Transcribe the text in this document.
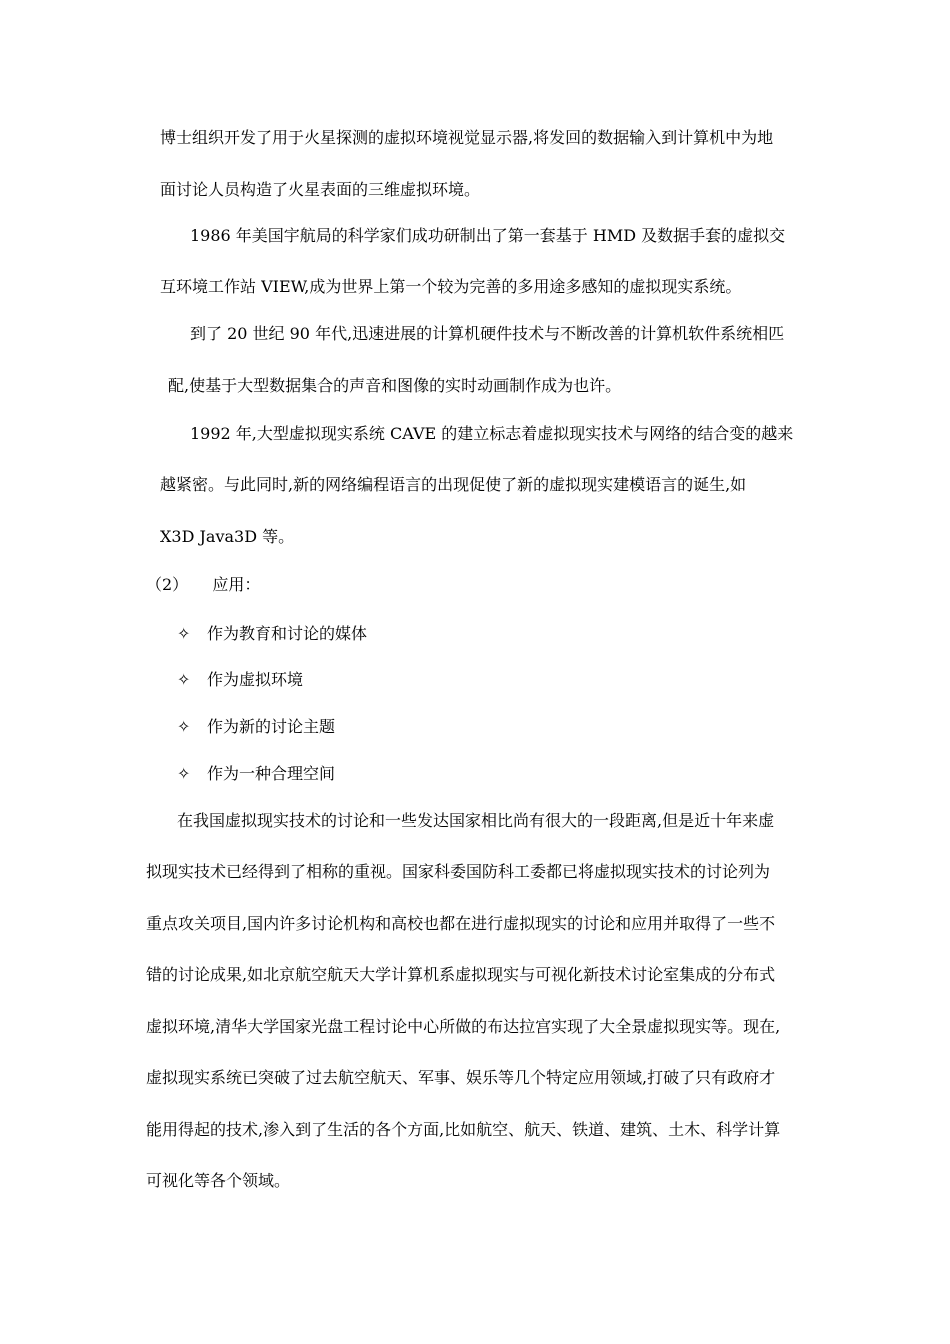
博士组织开发了用于火星探测的虚拟环境视觉显示器,将发回的数据输入到计算机中为地
面讨论人员构造了火星表面的三维虚拟环境。
1986 年美国宇航局的科学家们成功研制出了第一套基于 HMD 及数据手套的虚拟交
互环境工作站 VIEW,成为世界上第一个较为完善的多用途多感知的虚拟现实系统。
到了 20 世纪 90 年代,迅速进展的计算机硬件技术与不断改善的计算机软件系统相匹
配,使基于大型数据集合的声音和图像的实时动画制作成为也许。
1992 年,大型虚拟现实系统 CAVE 的建立标志着虚拟现实技术与网络的结合变的越来
越紧密。与此同时,新的网络编程语言的出现促使了新的虚拟现实建模语言的诞生,如
X3D Java3D 等。
（2） 应用：
✧ 作为教育和讨论的媒体
✧ 作为虚拟环境
✧ 作为新的讨论主题
✧ 作为一种合理空间
在我国虚拟现实技术的讨论和一些发达国家相比尚有很大的一段距离,但是近十年来虚
拟现实技术已经得到了相称的重视。国家科委国防科工委都已将虚拟现实技术的讨论列为
重点攻关项目,国内许多讨论机构和高校也都在进行虚拟现实的讨论和应用并取得了一些不
错的讨论成果,如北京航空航天大学计算机系虚拟现实与可视化新技术讨论室集成的分布式
虚拟环境,清华大学国家光盘工程讨论中心所做的布达拉宫实现了大全景虚拟现实等。现在,
虚拟现实系统已突破了过去航空航天、军事、娱乐等几个特定应用领域,打破了只有政府才
能用得起的技术,渗入到了生活的各个方面,比如航空、航天、铁道、建筑、土木、科学计算
可视化等各个领域。
